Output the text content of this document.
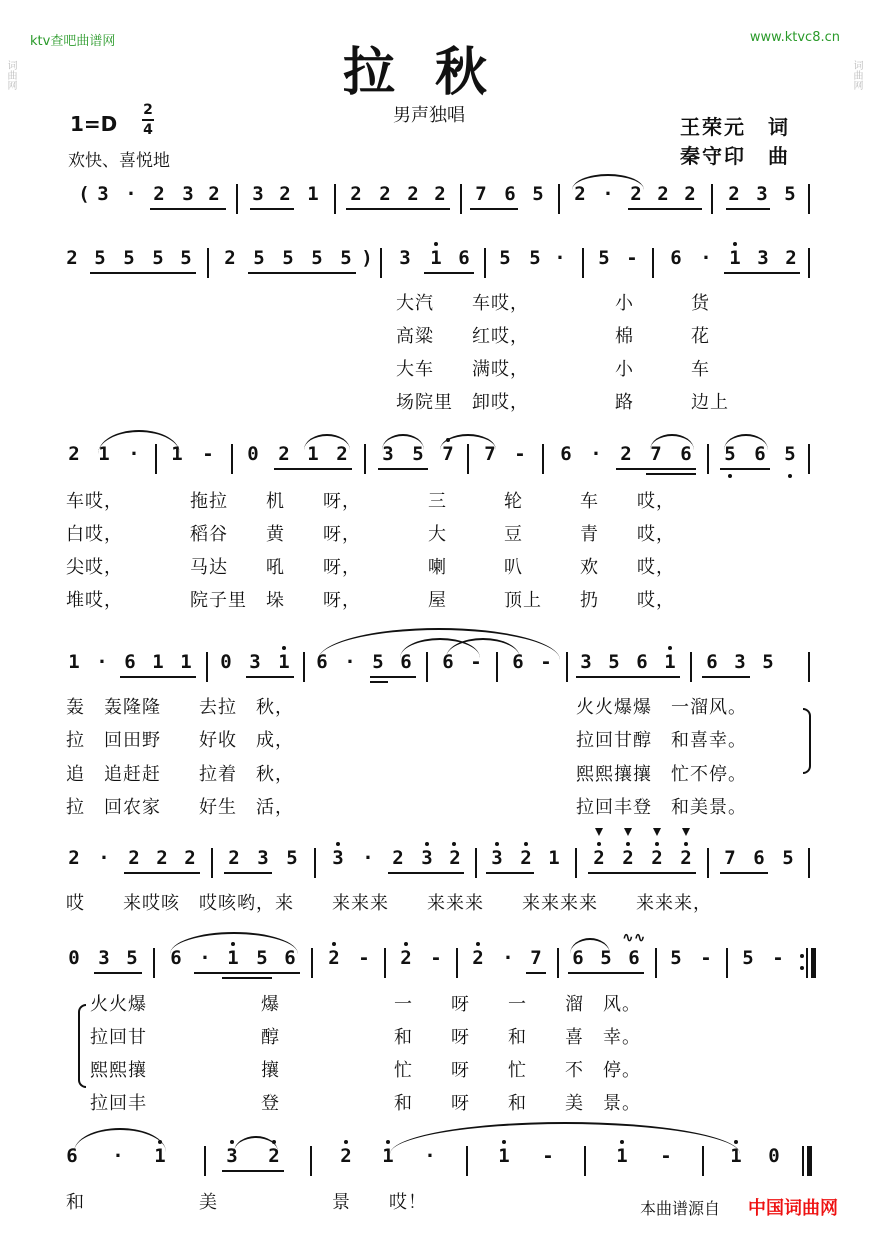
词曲网	词曲网
ktv查吧曲谱网	www.ktvc8.cn
拉秋
男声独唱
1=D
2
4
欢快、喜悦地
王荣元　词
秦守印　曲
( 3 · 2 3 2 3 2 1 2 2 2 2 7 6 5 2 · 2 2 2 2 3 5
2 5 5 5 5 2 5 5 5 5 ) 3 1 6 5 5 · 5 - 6 · 1 3 2
大汽　　车哎，　　　　　小　　　货
高粱　　红哎，　　　　　棉　　　花
大车　　满哎，　　　　　小　　　车
场院里　卸哎，　　　　　路　　　边上
2 1 · 1 - 0 2 1 2 3 5 7 7 - 6 · 2 7 6 5 6 5
车哎，　　　　拖拉　　机　　呀，　　　　三　　　轮　　　车　　哎，
白哎，　　　　稻谷　　黄　　呀，　　　　大　　　豆　　　青　　哎，
尖哎，　　　　马达　　吼　　呀，　　　　喇　　　叭　　　欢　　哎，
堆哎，　　　　院子里　垛　　呀，　　　　屋　　　顶上　　扔　　哎，
1 · 6 1 1 0 3 1 6 · 5 6 6 - 6 - 3 5 6 1 6 3 5
轰　轰隆隆　　去拉　秋，
拉　回田野　　好收　成，
追　追赶赶　　拉着　秋，
拉　回农家　　好生　活，
火火爆爆　一溜风。
拉回甘醇　和喜幸。
熙熙攘攘　忙不停。
拉回丰登　和美景。
2 · 2 2 2 2 3 5 3 · 2 3 2 3 2 1 2 2 2 2 7 6 5
哎　　来哎咳　哎咳哟，来　　来来来　　来来来　　来来来来　　来来来，
0 3 5 6 · 1 5 6 2 - 2 - 2 · 7 6 5 6 5 - 5 -
∿∿
火火爆　　　　　　爆　　　　　　一　　呀　　一　　溜　风。
拉回甘　　　　　　醇　　　　　　和　　呀　　和　　喜　幸。
熙熙攘　　　　　　攘　　　　　　忙　　呀　　忙　　不　停。
拉回丰　　　　　　登　　　　　　和　　呀　　和　　美　景。
6 · 1	3 2	2 1 ·	1 -	1 -	1 0
和　　　　　　美　　　　　　景　　哎！	本曲谱源自 中国词曲网
